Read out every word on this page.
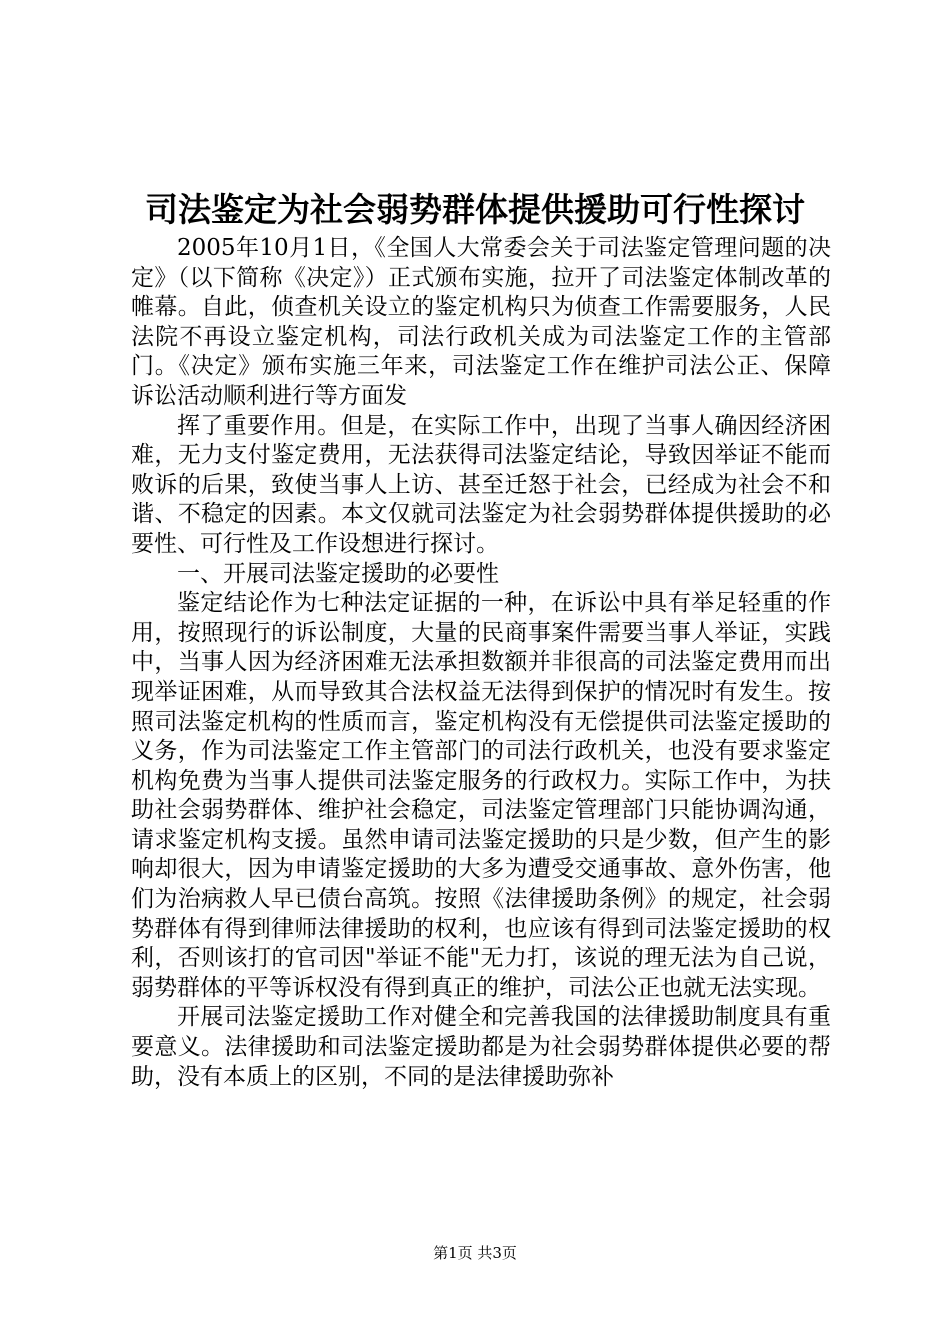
司法鉴定为社会弱势群体提供援助可行性探讨

2005年10月1日，《全国人大常委会关于司法鉴定管理问题的决定》（以下简称《决定》）正式颁布实施，拉开了司法鉴定体制改革的帷幕。自此，侦查机关设立的鉴定机构只为侦查工作需要服务，人民法院不再设立鉴定机构，司法行政机关成为司法鉴定工作的主管部门。《决定》颁布实施三年来，司法鉴定工作在维护司法公正、保障诉讼活动顺利进行等方面发

挥了重要作用。但是，在实际工作中，出现了当事人确因经济困难，无力支付鉴定费用，无法获得司法鉴定结论，导致因举证不能而败诉的后果，致使当事人上访、甚至迁怒于社会，已经成为社会不和谐、不稳定的因素。本文仅就司法鉴定为社会弱势群体提供援助的必要性、可行性及工作设想进行探讨。

一、开展司法鉴定援助的必要性

鉴定结论作为七种法定证据的一种，在诉讼中具有举足轻重的作用，按照现行的诉讼制度，大量的民商事案件需要当事人举证，实践中，当事人因为经济困难无法承担数额并非很高的司法鉴定费用而出现举证困难，从而导致其合法权益无法得到保护的情况时有发生。按照司法鉴定机构的性质而言，鉴定机构没有无偿提供司法鉴定援助的义务，作为司法鉴定工作主管部门的司法行政机关，也没有要求鉴定机构免费为当事人提供司法鉴定服务的行政权力。实际工作中，为扶助社会弱势群体、维护社会稳定，司法鉴定管理部门只能协调沟通，请求鉴定机构支援。虽然申请司法鉴定援助的只是少数，但产生的影响却很大，因为申请鉴定援助的大多为遭受交通事故、意外伤害，他们为治病救人早已债台高筑。按照《法律援助条例》的规定，社会弱势群体有得到律师法律援助的权利，也应该有得到司法鉴定援助的权利，否则该打的官司因"举证不能"无力打，该说的理无法为自己说，弱势群体的平等诉权没有得到真正的维护，司法公正也就无法实现。

开展司法鉴定援助工作对健全和完善我国的法律援助制度具有重要意义。法律援助和司法鉴定援助都是为社会弱势群体提供必要的帮助，没有本质上的区别，不同的是法律援助弥补

第1页 共3页
